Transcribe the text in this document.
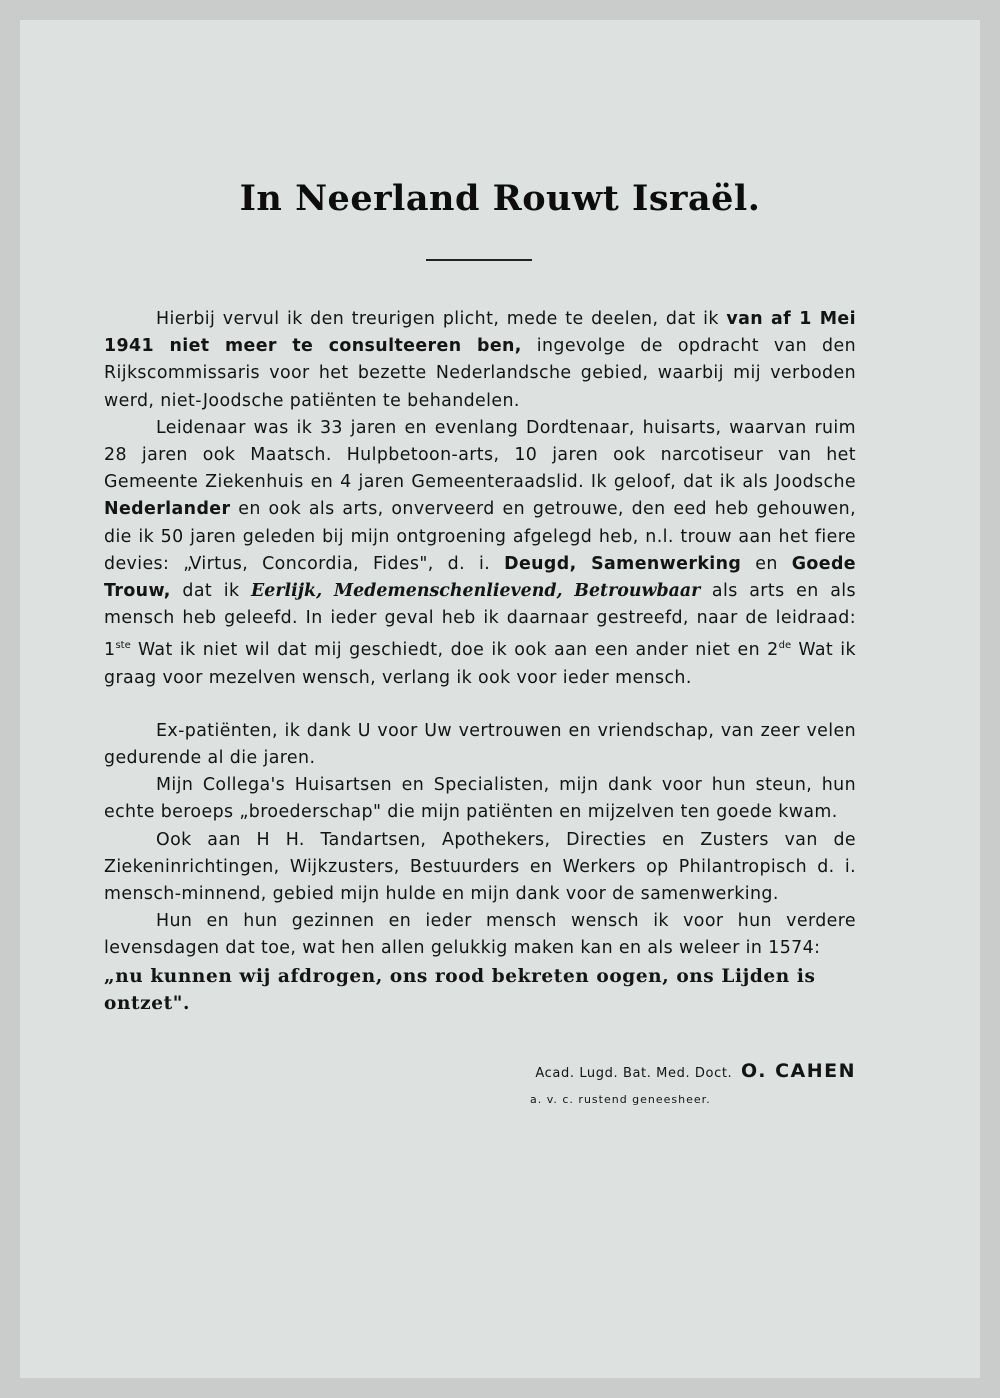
In Neerland Rouwt Israël.

Hierbij vervul ik den treurigen plicht, mede te deelen, dat ik van af 1 Mei 1941 niet meer te consulteeren ben, ingevolge de opdracht van den Rijkscommissaris voor het bezette Nederlandsche gebied, waarbij mij verboden werd, niet-Joodsche patiënten te behandelen.

Leidenaar was ik 33 jaren en evenlang Dordtenaar, huisarts, waarvan ruim 28 jaren ook Maatsch. Hulpbetoon-arts, 10 jaren ook narcotiseur van het Gemeente Ziekenhuis en 4 jaren Gemeenteraadslid. Ik geloof, dat ik als Joodsche Nederlander en ook als arts, onverveerd en getrouwe, den eed heb gehouwen, die ik 50 jaren geleden bij mijn ontgroening afgelegd heb, n.l. trouw aan het fiere devies: „Virtus, Concordia, Fides", d. i. Deugd, Samenwerking en Goede Trouw, dat ik Eerlijk, Medemenschenlievend, Betrouwbaar als arts en als mensch heb geleefd. In ieder geval heb ik daarnaar gestreefd, naar de leidraad: 1ste Wat ik niet wil dat mij geschiedt, doe ik ook aan een ander niet en 2de Wat ik graag voor mezelven wensch, verlang ik ook voor ieder mensch.

Ex-patiënten, ik dank U voor Uw vertrouwen en vriendschap, van zeer velen gedurende al die jaren.

Mijn Collega's Huisartsen en Specialisten, mijn dank voor hun steun, hun echte beroeps „broederschap" die mijn patiënten en mijzelven ten goede kwam.

Ook aan H H. Tandartsen, Apothekers, Directies en Zusters van de Ziekeninrichtingen, Wijkzusters, Bestuurders en Werkers op Philantropisch d. i. mensch-minnend, gebied mijn hulde en mijn dank voor de samenwerking.

Hun en hun gezinnen en ieder mensch wensch ik voor hun verdere levensdagen dat toe, wat hen allen gelukkig maken kan en als weleer in 1574:

„nu kunnen wij afdrogen, ons rood bekreten oogen, ons Lijden is ontzet".

Acad. Lugd. Bat. Med. Doct. O. CAHEN
a. v. c. rustend geneesheer.
